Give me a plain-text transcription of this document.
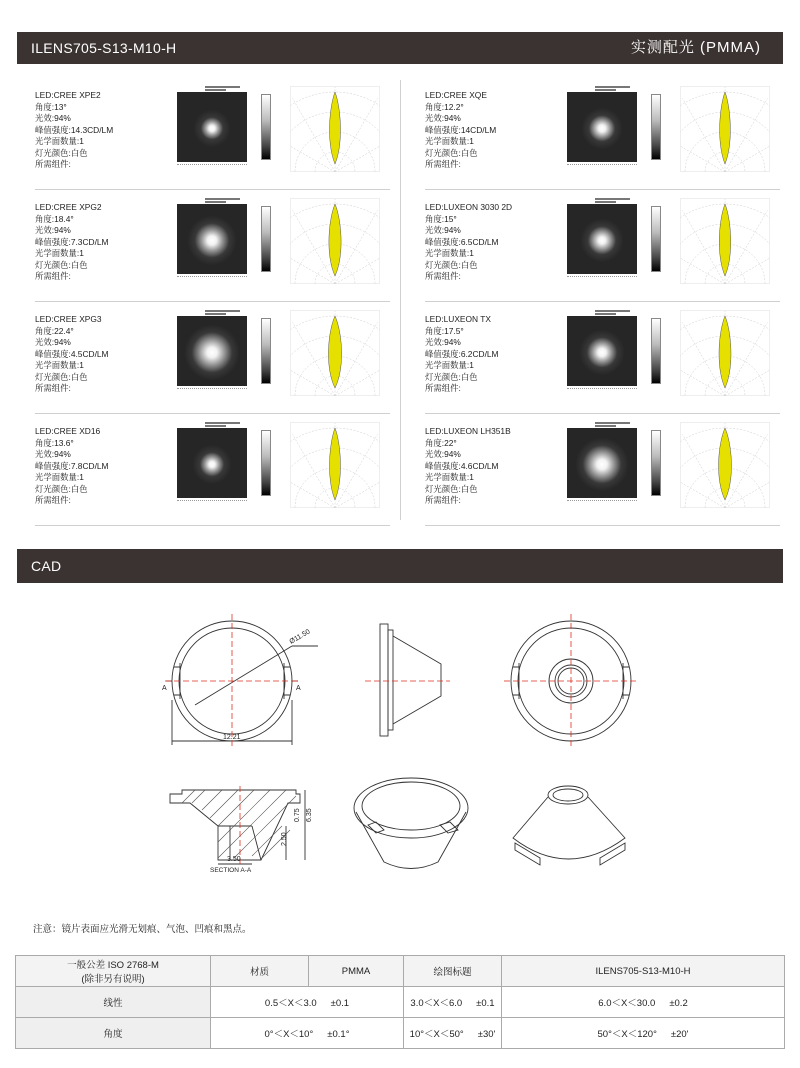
ILENS705-S13-M10-H	实测配光 (PMMA)
LED:CREE XPE2
角度:13°
光效:94%
峰值强度:14.3CD/LM
光学面数量:1
灯光颜色:白色
所需组件:
LED:CREE XQE
角度:12.2°
光效:94%
峰值强度:14CD/LM
光学面数量:1
灯光颜色:白色
所需组件:
LED:CREE XPG2
角度:18.4°
光效:94%
峰值强度:7.3CD/LM
光学面数量:1
灯光颜色:白色
所需组件:
LED:LUXEON 3030 2D
角度:15°
光效:94%
峰值强度:6.5CD/LM
光学面数量:1
灯光颜色:白色
所需组件:
LED:CREE XPG3
角度:22.4°
光效:94%
峰值强度:4.5CD/LM
光学面数量:1
灯光颜色:白色
所需组件:
LED:LUXEON TX
角度:17.5°
光效:94%
峰值强度:6.2CD/LM
光学面数量:1
灯光颜色:白色
所需组件:
LED:CREE XD16
角度:13.6°
光效:94%
峰值强度:7.8CD/LM
光学面数量:1
灯光颜色:白色
所需组件:
LED:LUXEON LH351B
角度:22°
光效:94%
峰值强度:4.6CD/LM
光学面数量:1
灯光颜色:白色
所需组件:
CAD
Ø11.50
12.21
A	A
0.75 6.35
2.50
3.50
SECTION A-A
注意：镜片表面应光滑无划痕、气泡、凹痕和黑点。
一般公差 ISO 2768-M
(除非另有说明)	材质	PMMA	绘图标题	ILENS705-S13-M10-H
线性	0.5＜X＜3.0 ±0.1		3.0＜X＜6.0 ±0.1	6.0＜X＜30.0 ±0.2
角度	0°＜X＜10° ±0.1°		10°＜X＜50° ±30'	50°＜X＜120° ±20'
